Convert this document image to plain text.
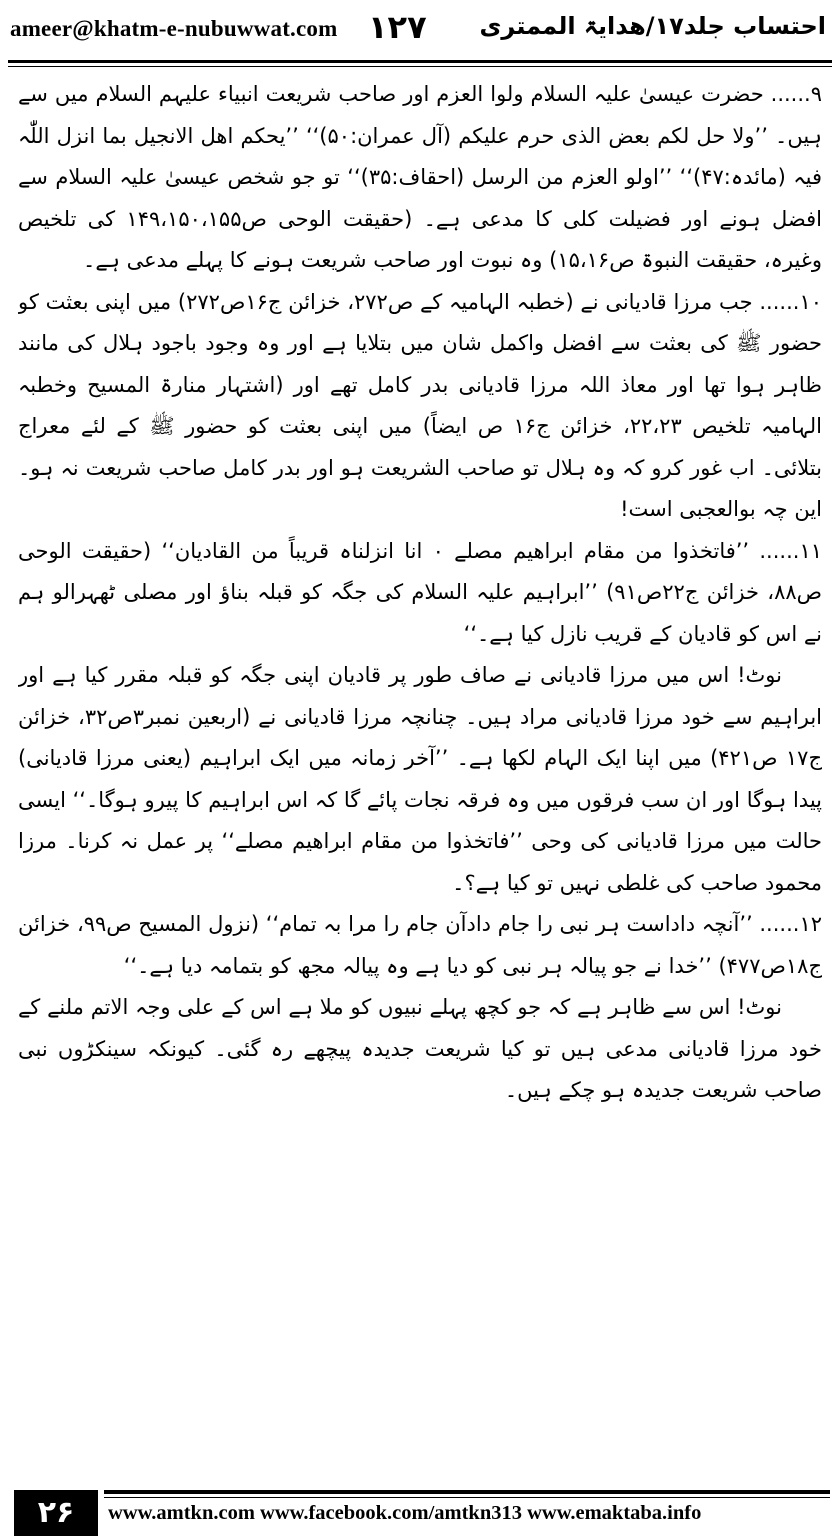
ameer@khatm-e-nubuwwat.com ۱۲۷ احتساب جلد۱۷/ھدایۃ الممتری

۹...... حضرت عیسیٰ علیہ السلام ولوا العزم اور صاحب شریعت انبیاء علیہم السلام میں سے ہیں۔ ’’ولا حل لکم بعض الذی حرم علیکم (آل عمران:۵۰)‘‘ ’’یحکم اھل الانجیل بما انزل اللّٰہ فیہ (مائدہ:۴۷)‘‘ ’’اولو العزم من الرسل (احقاف:۳۵)‘‘ تو جو شخص عیسیٰ علیہ السلام سے افضل ہونے اور فضیلت کلی کا مدعی ہے۔ (حقیقت الوحی ص۱۴۹،۱۵۰،۱۵۵ کی تلخیص وغیرہ، حقیقت النبوۃ ص۱۵،۱۶) وہ نبوت اور صاحب شریعت ہونے کا پہلے مدعی ہے۔

۱۰...... جب مرزا قادیانی نے (خطبہ الہامیہ کے ص۲۷۲، خزائن ج۱۶ص۲۷۲) میں اپنی بعثت کو حضور ﷺ کی بعثت سے افضل واکمل شان میں بتلایا ہے اور وہ وجود باجود ہلال کی مانند ظاہر ہوا تھا اور معاذ اللہ مرزا قادیانی بدر کامل تھے اور (اشتہار منارۃ المسیح وخطبہ الہامیہ تلخیص ۲۲،۲۳، خزائن ج۱۶ ص ایضاً) میں اپنی بعثت کو حضور ﷺ کے لئے معراج بتلائی۔ اب غور کرو کہ وہ ہلال تو صاحب الشریعت ہو اور بدر کامل صاحب شریعت نہ ہو۔ این چہ بوالعجبی است!

۱۱...... ’’فاتخذوا من مقام ابراھیم مصلے ۰ انا انزلناہ قریباً من القادیان‘‘ (حقیقت الوحی ص۸۸، خزائن ج۲۲ص۹۱) ’’ابراہیم علیہ السلام کی جگہ کو قبلہ بناؤ اور مصلی ٹھہرالو ہم نے اس کو قادیان کے قریب نازل کیا ہے۔‘‘

نوٹ! اس میں مرزا قادیانی نے صاف طور پر قادیان اپنی جگہ کو قبلہ مقرر کیا ہے اور ابراہیم سے خود مرزا قادیانی مراد ہیں۔ چنانچہ مرزا قادیانی نے (اربعین نمبر۳ص۳۲، خزائن ج۱۷ ص۴۲۱) میں اپنا ایک الہام لکھا ہے۔ ’’آخر زمانہ میں ایک ابراہیم (یعنی مرزا قادیانی) پیدا ہوگا اور ان سب فرقوں میں وہ فرقہ نجات پائے گا کہ اس ابراہیم کا پیرو ہوگا۔‘‘ ایسی حالت میں مرزا قادیانی کی وحی ’’فاتخذوا من مقام ابراھیم مصلے‘‘ پر عمل نہ کرنا۔ مرزا محمود صاحب کی غلطی نہیں تو کیا ہے؟۔

۱۲...... ’’آنچہ داداست ہر نبی را جام دادآن جام را مرا بہ تمام‘‘ (نزول المسیح ص۹۹، خزائن ج۱۸ص۴۷۷) ’’خدا نے جو پیالہ ہر نبی کو دیا ہے وہ پیالہ مجھ کو بتمامہ دیا ہے۔‘‘

نوٹ! اس سے ظاہر ہے کہ جو کچھ پہلے نبیوں کو ملا ہے اس کے علی وجہ الاتم ملنے کے خود مرزا قادیانی مدعی ہیں تو کیا شریعت جدیدہ پیچھے رہ گئی۔ کیونکہ سینکڑوں نبی صاحب شریعت جدیدہ ہو چکے ہیں۔

۲۶	www.amtkn.com www.facebook.com/amtkn313 www.emaktaba.info
